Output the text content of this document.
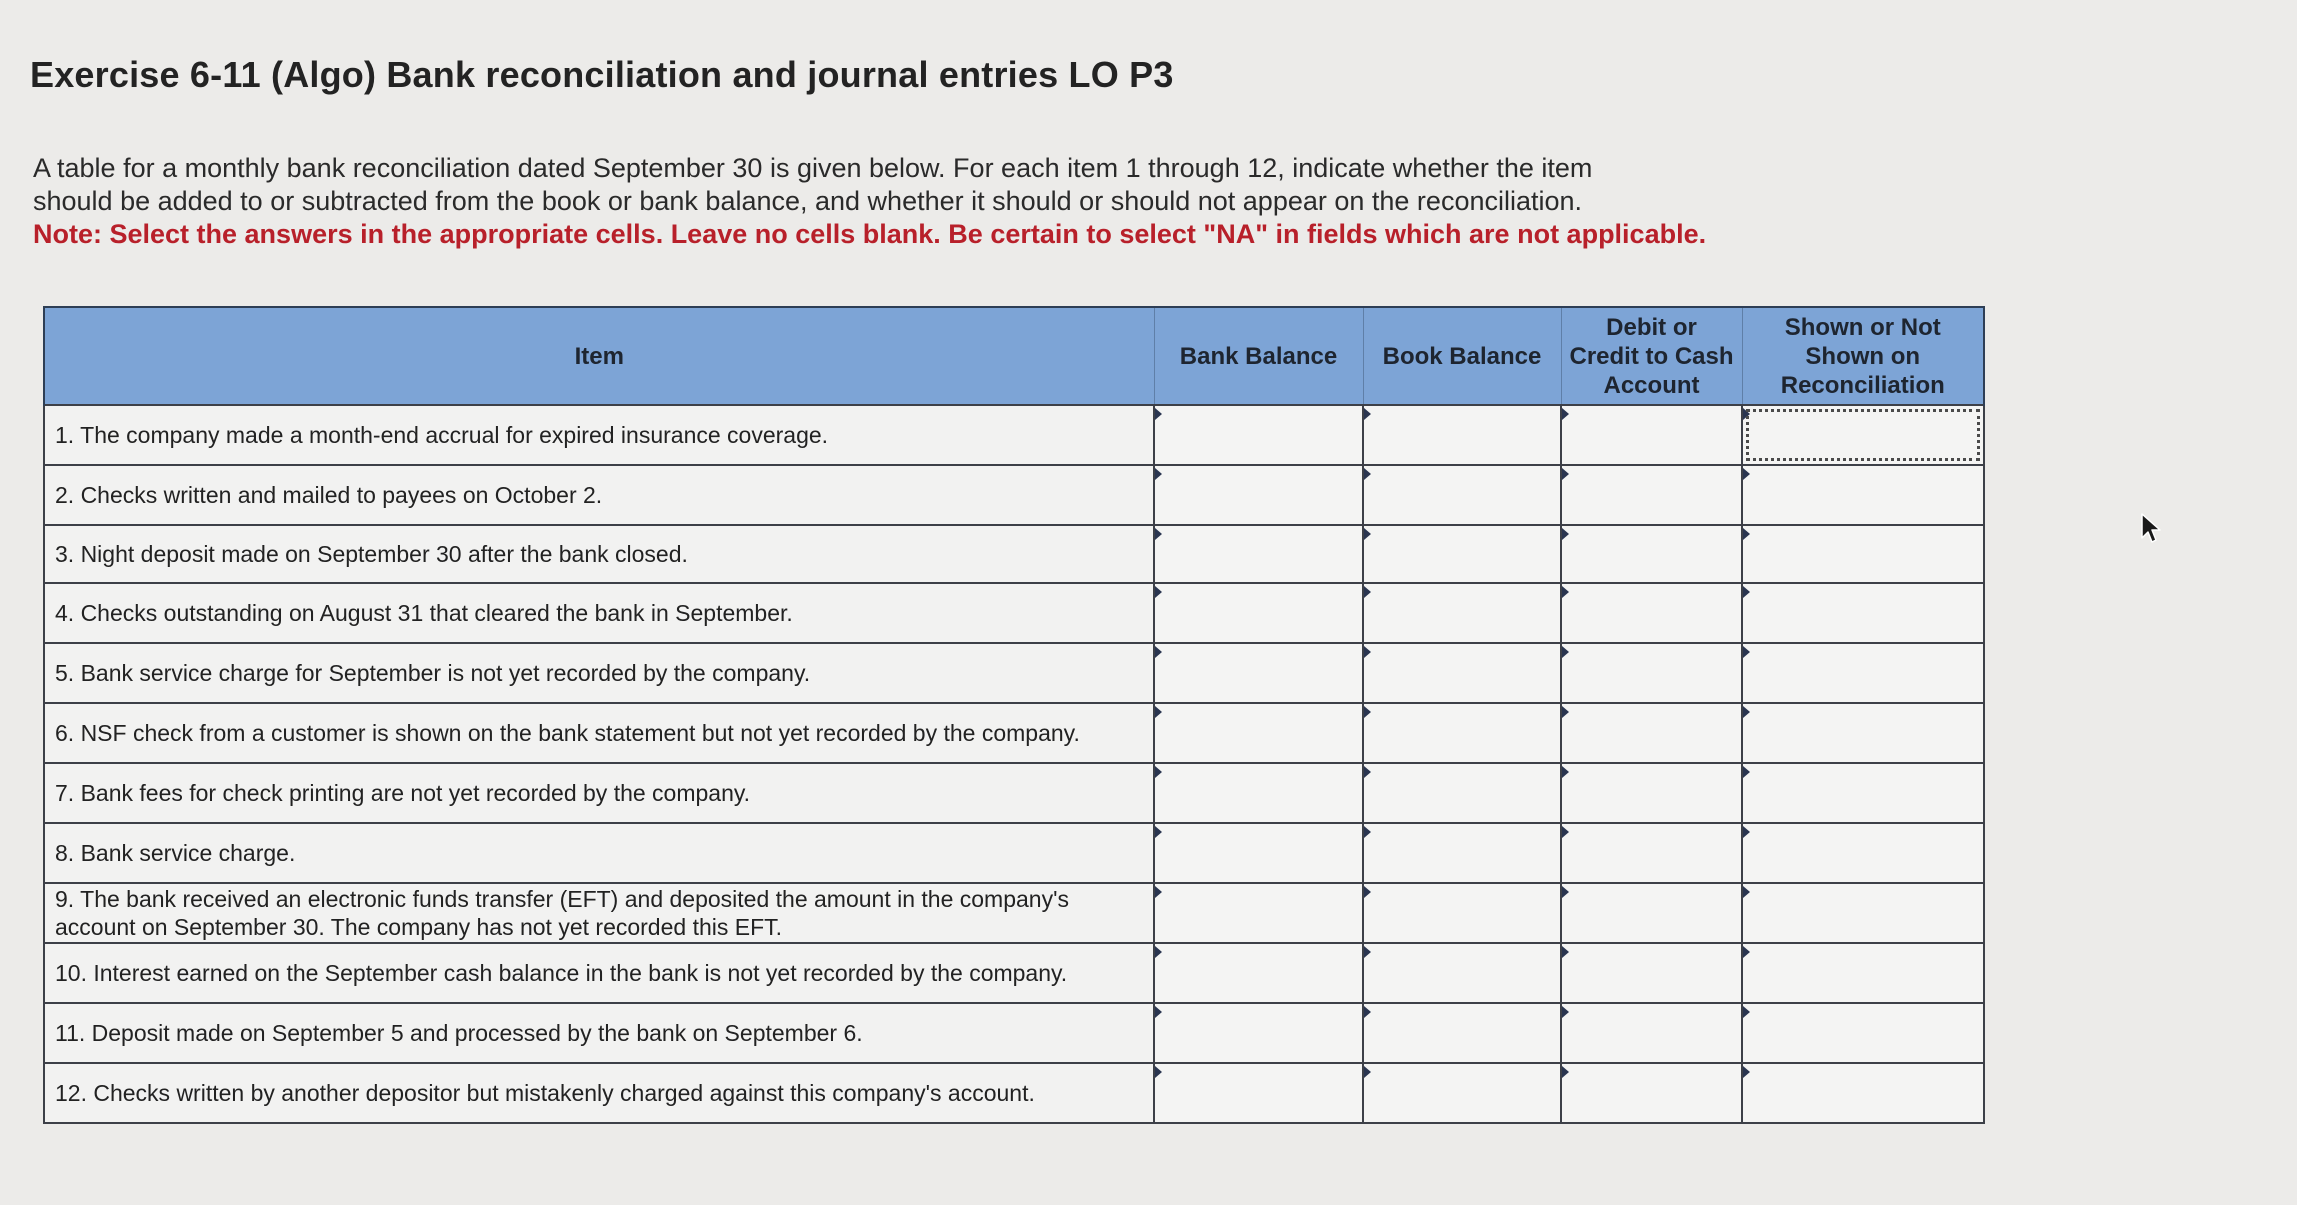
Exercise 6-11 (Algo) Bank reconciliation and journal entries LO P3

A table for a monthly bank reconciliation dated September 30 is given below. For each item 1 through 12, indicate whether the item

should be added to or subtracted from the book or bank balance, and whether it should or should not appear on the reconciliation.

Note: Select the answers in the appropriate cells. Leave no cells blank. Be certain to select "NA" in fields which are not applicable.

Item	Bank Balance	Book Balance	Debit or
Credit to Cash
Account	Shown or Not
Shown on
Reconciliation
1. The company made a month-end accrual for expired insurance coverage.				

2. Checks written and mailed to payees on October 2.				
3. Night deposit made on September 30 after the bank closed.				
4. Checks outstanding on August 31 that cleared the bank in September.				
5. Bank service charge for September is not yet recorded by the company.				
6. NSF check from a customer is shown on the bank statement but not yet recorded by the company.				
7. Bank fees for check printing are not yet recorded by the company.				
8. Bank service charge.				
9. The bank received an electronic funds transfer (EFT) and deposited the amount in the company's account on September 30. The company has not yet recorded this EFT.				
10. Interest earned on the September cash balance in the bank is not yet recorded by the company.				
11. Deposit made on September 5 and processed by the bank on September 6.				
12. Checks written by another depositor but mistakenly charged against this company's account.				
